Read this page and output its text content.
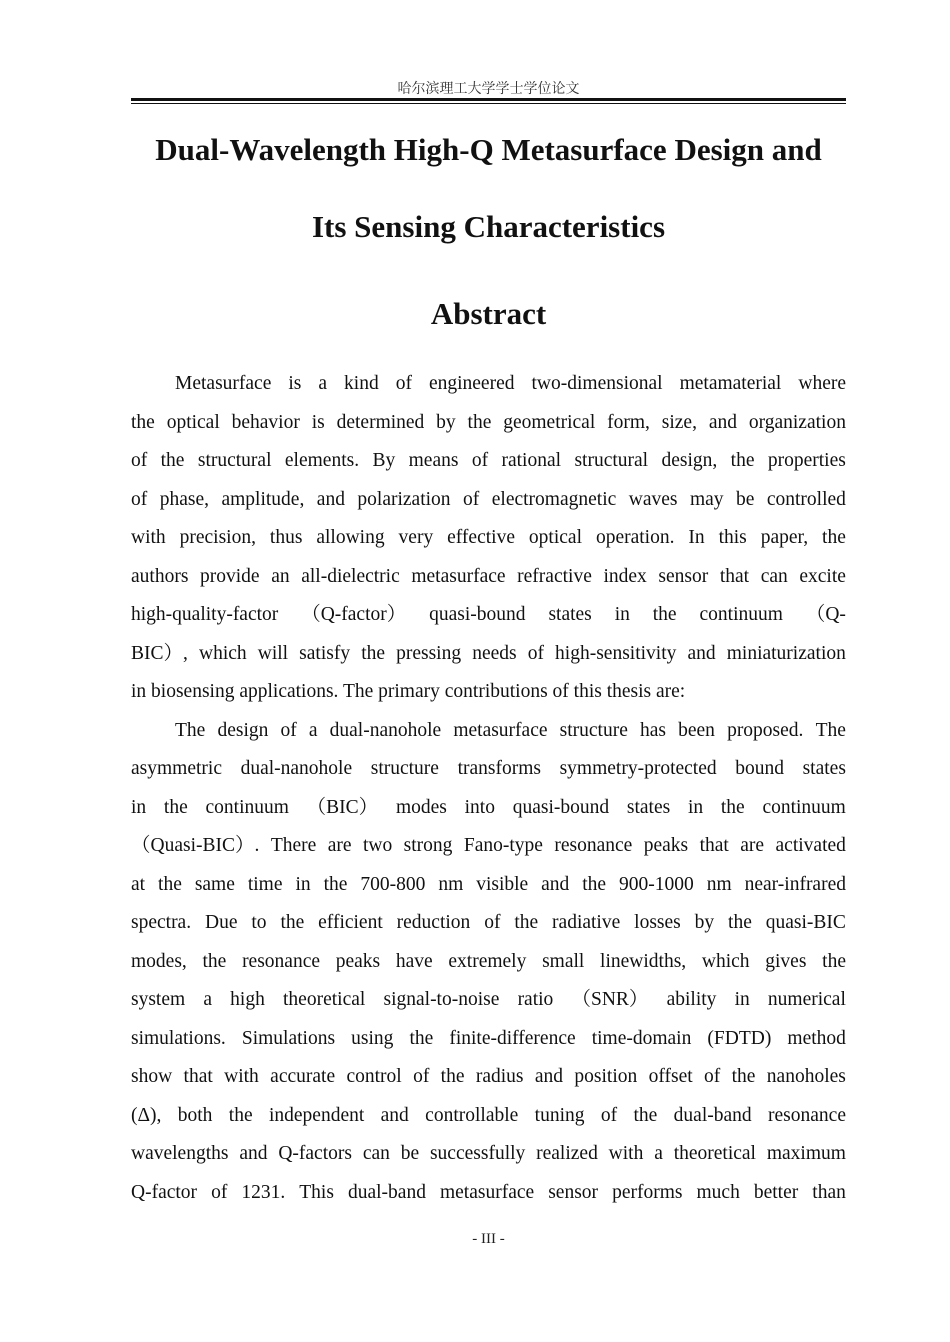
哈尔滨理工大学学士学位论文
Dual-Wavelength High-Q Metasurface Design and
Its Sensing Characteristics
Abstract
Metasurface is a kind of engineered two-dimensional metamaterial where
the optical behavior is determined by the geometrical form, size, and organization
of the structural elements. By means of rational structural design, the properties
of phase, amplitude, and polarization of electromagnetic waves may be controlled
with precision, thus allowing very effective optical operation. In this paper, the
authors provide an all-dielectric metasurface refractive index sensor that can excite
high-quality-factor （Q-factor） quasi-bound states in the continuum （Q-
BIC）, which will satisfy the pressing needs of high-sensitivity and miniaturization
in biosensing applications. The primary contributions of this thesis are:
The design of a dual-nanohole metasurface structure has been proposed. The
asymmetric dual-nanohole structure transforms symmetry-protected bound states
in the continuum （BIC） modes into quasi-bound states in the continuum
（Quasi-BIC）. There are two strong Fano-type resonance peaks that are activated
at the same time in the 700-800 nm visible and the 900-1000 nm near-infrared
spectra. Due to the efficient reduction of the radiative losses by the quasi-BIC
modes, the resonance peaks have extremely small linewidths, which gives the
system a high theoretical signal-to-noise ratio （SNR） ability in numerical
simulations. Simulations using the finite-difference time-domain (FDTD) method
show that with accurate control of the radius and position offset of the nanoholes
(Δ), both the independent and controllable tuning of the dual-band resonance
wavelengths and Q-factors can be successfully realized with a theoretical maximum
Q-factor of 1231. This dual-band metasurface sensor performs much better than
- III -
